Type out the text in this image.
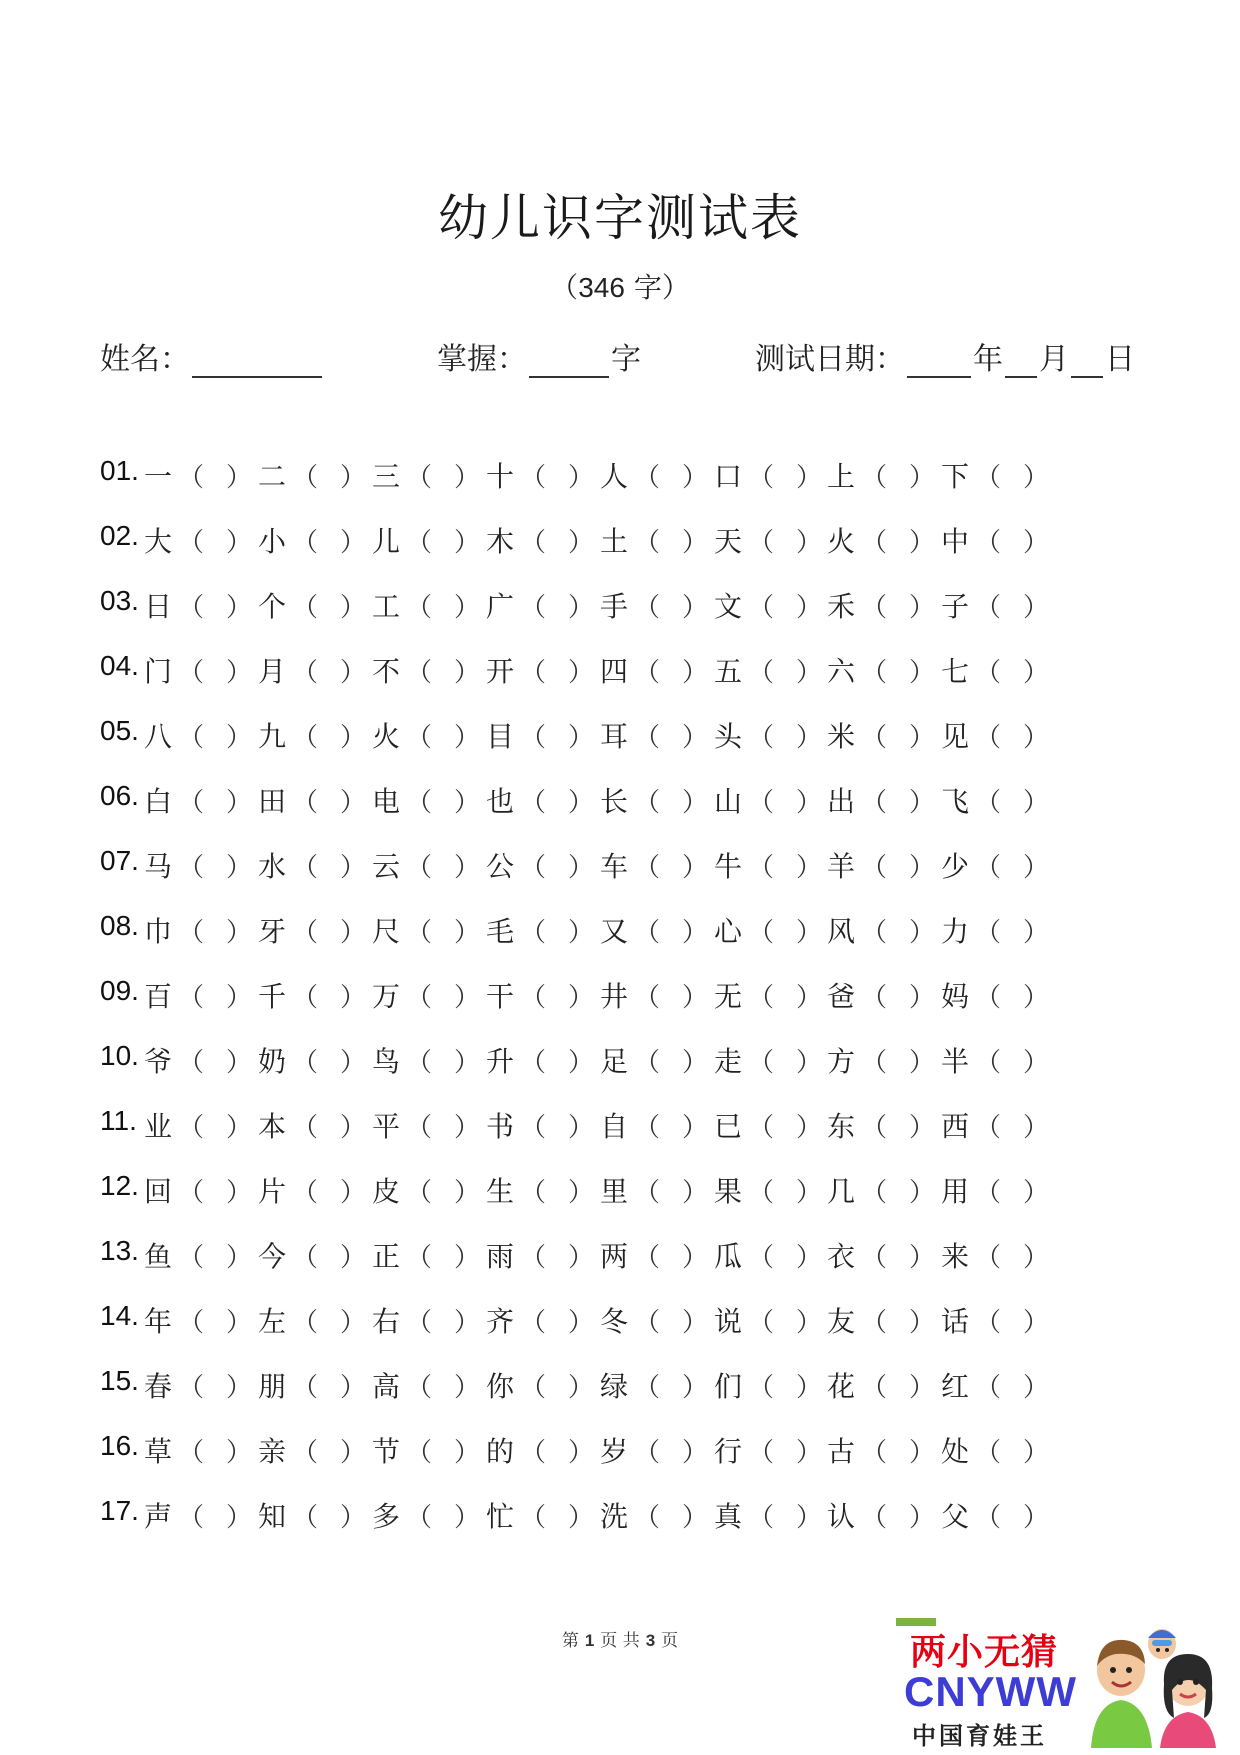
幼儿识字测试表
（346 字）
姓名：	掌握：	字	测试日期： 年 月 日
01. 一 （ ） 二 （ ） 三 （ ） 十 （ ） 人 （ ） 口 （ ） 上 （ ） 下 （ ）
02. 大 （ ） 小 （ ） 儿 （ ） 木 （ ） 土 （ ） 天 （ ） 火 （ ） 中 （ ）
03. 日 （ ） 个 （ ） 工 （ ） 广 （ ） 手 （ ） 文 （ ） 禾 （ ） 子 （ ）
04. 门 （ ） 月 （ ） 不 （ ） 开 （ ） 四 （ ） 五 （ ） 六 （ ） 七 （ ）
05. 八 （ ） 九 （ ） 火 （ ） 目 （ ） 耳 （ ） 头 （ ） 米 （ ） 见 （ ）
06. 白 （ ） 田 （ ） 电 （ ） 也 （ ） 长 （ ） 山 （ ） 出 （ ） 飞 （ ）
07. 马 （ ） 水 （ ） 云 （ ） 公 （ ） 车 （ ） 牛 （ ） 羊 （ ） 少 （ ）
08. 巾 （ ） 牙 （ ） 尺 （ ） 毛 （ ） 又 （ ） 心 （ ） 风 （ ） 力 （ ）
09. 百 （ ） 千 （ ） 万 （ ） 干 （ ） 井 （ ） 无 （ ） 爸 （ ） 妈 （ ）
10. 爷 （ ） 奶 （ ） 鸟 （ ） 升 （ ） 足 （ ） 走 （ ） 方 （ ） 半 （ ）
11. 业 （ ） 本 （ ） 平 （ ） 书 （ ） 自 （ ） 已 （ ） 东 （ ） 西 （ ）
12. 回 （ ） 片 （ ） 皮 （ ） 生 （ ） 里 （ ） 果 （ ） 几 （ ） 用 （ ）
13. 鱼 （ ） 今 （ ） 正 （ ） 雨 （ ） 两 （ ） 瓜 （ ） 衣 （ ） 来 （ ）
14. 年 （ ） 左 （ ） 右 （ ） 齐 （ ） 冬 （ ） 说 （ ） 友 （ ） 话 （ ）
15. 春 （ ） 朋 （ ） 高 （ ） 你 （ ） 绿 （ ） 们 （ ） 花 （ ） 红 （ ）
16. 草 （ ） 亲 （ ） 节 （ ） 的 （ ） 岁 （ ） 行 （ ） 古 （ ） 处 （ ）
17. 声 （ ） 知 （ ） 多 （ ） 忙 （ ） 洗 （ ） 真 （ ） 认 （ ） 父 （ ）
第 1 页 共 3 页	两小无猜
CNYWW
中国育娃王
